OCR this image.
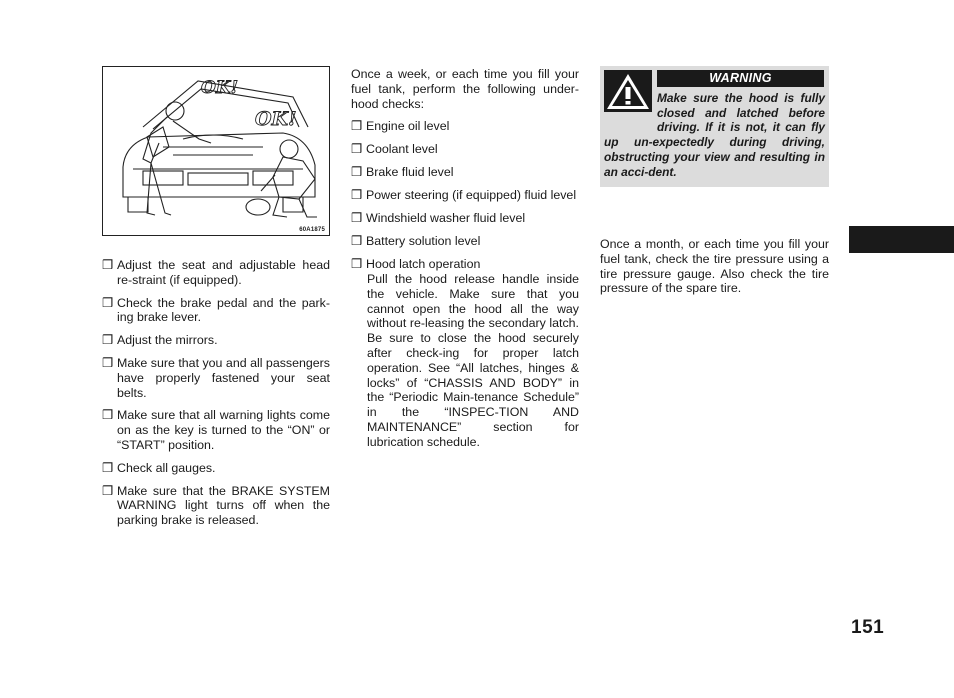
OK!
OK!
60A1875
❒ Adjust the seat and adjustable head re-straint (if equipped).
❒ Check the brake pedal and the park-ing brake lever.
❒ Adjust the mirrors.
❒ Make sure that you and all passengers have properly fastened your seat belts.
❒ Make sure that all warning lights come on as the key is turned to the “ON” or “START” position.
❒ Check all gauges.
❒ Make sure that the BRAKE SYSTEM WARNING light turns off when the parking brake is released.
Once a week, or each time you fill your fuel tank, perform the following under-hood checks:
❒ Engine oil level
❒ Coolant level
❒ Brake fluid level
❒ Power steering (if equipped) fluid level
❒ Windshield washer fluid level
❒ Battery solution level
❒ Hood latch operation
Pull the hood release handle inside the vehicle. Make sure that you cannot open the hood all the way without re-leasing the secondary latch. Be sure to close the hood securely after check-ing for proper latch operation. See “All latches, hinges & locks” of “CHASSIS AND BODY” in the “Periodic Main-tenance Schedule” in the “INSPEC-TION AND MAINTENANCE” section for lubrication schedule.
WARNING
Make sure the hood is fully closed and latched before driving. If it is not, it can fly up un-expectedly during driving, obstructing your view and resulting in an acci-dent.
Once a month, or each time you fill your fuel tank, check the tire pressure using a tire pressure gauge. Also check the tire pressure of the spare tire.
151
